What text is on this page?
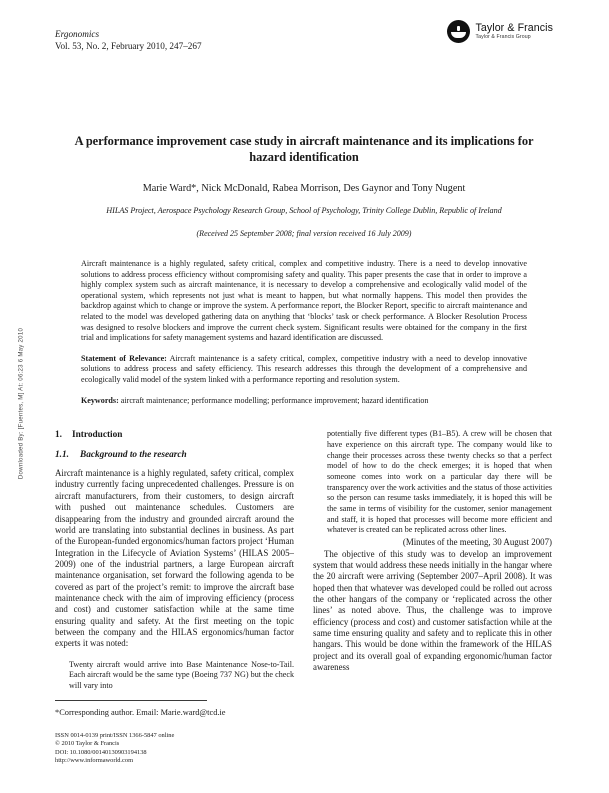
Downloaded By: [Fuentes, M] At: 06:23 6 May 2010
Ergonomics
Vol. 53, No. 2, February 2010, 247–267
Taylor & Francis
Taylor & Francis Group
A performance improvement case study in aircraft maintenance and its implications for hazard identification
Marie Ward*, Nick McDonald, Rabea Morrison, Des Gaynor and Tony Nugent
HILAS Project, Aerospace Psychology Research Group, School of Psychology, Trinity College Dublin, Republic of Ireland
(Received 25 September 2008; final version received 16 July 2009)

Aircraft maintenance is a highly regulated, safety critical, complex and competitive industry. There is a need to develop innovative solutions to address process efficiency without compromising safety and quality. This paper presents the case that in order to improve a highly complex system such as aircraft maintenance, it is necessary to develop a comprehensive and ecologically valid model of the operational system, which represents not just what is meant to happen, but what normally happens. This model then provides the backdrop against which to change or improve the system. A performance report, the Blocker Report, specific to aircraft maintenance and related to the model was developed gathering data on anything that ‘blocks’ task or check performance. A Blocker Resolution Process was designed to resolve blockers and improve the current check system. Significant results were obtained for the company in the first trial and implications for safety management systems and hazard identification are discussed.

Statement of Relevance: Aircraft maintenance is a safety critical, complex, competitive industry with a need to develop innovative solutions to address process and safety efficiency. This research addresses this through the development of a comprehensive and ecologically valid model of the system linked with a performance reporting and resolution system.

Keywords: aircraft maintenance; performance modelling; performance improvement; hazard identification

1. Introduction
1.1. Background to the research

Aircraft maintenance is a highly regulated, safety critical, complex industry currently facing unprecedented challenges. Pressure is on aircraft manufacturers, from their customers, to design aircraft with pushed out maintenance schedules. Customers are disappearing from the industry and grounded aircraft around the world are translating into substantial declines in business. As part of the European-funded ergonomics/human factors project ‘Human Integration in the Lifecycle of Aviation Systems’ (HILAS 2005–2009) one of the industrial partners, a large European aircraft maintenance organisation, set forward the following agenda to be covered as part of the project’s remit: to improve the aircraft base maintenance check with the aim of improving efficiency (process and cost) and customer satisfaction while at the same time ensuring quality and safety. At the first meeting on the topic between the company and the HILAS ergonomics/human factor experts it was noted:

Twenty aircraft would arrive into Base Maintenance Nose-to-Tail. Each aircraft would be the same type (Boeing 737 NG) but the check will vary into
potentially five different types (B1–B5). A crew will be chosen that have experience on this aircraft type. The company would like to change their processes across these twenty checks so that a perfect model of how to do the check emerges; it is hoped that when someone comes into work on a particular day there will be transparency over the work activities and the status of those activities so the person can resume tasks immediately, it is hoped this will be the same in terms of visibility for the customer, senior management and staff, it is hoped that processes will become more efficient and whatever is created can be replicated across other lines.
(Minutes of the meeting, 30 August 2007)

The objective of this study was to develop an improvement system that would address these needs initially in the hangar where the 20 aircraft were arriving (September 2007–April 2008). It was hoped then that whatever was developed could be rolled out across the other hangars of the company or ‘replicated across the other lines’ as noted above. Thus, the challenge was to improve efficiency (process and cost) and customer satisfaction while at the same time ensuring quality and safety and to replicate this in other hangars. This would be done within the framework of the HILAS project and its overall goal of expanding ergonomic/human factor awareness

*Corresponding author. Email: Marie.ward@tcd.ie
ISSN 0014-0139 print/ISSN 1366-5847 online
© 2010 Taylor & Francis
DOI: 10.1080/00140130903194138
http://www.informaworld.com
